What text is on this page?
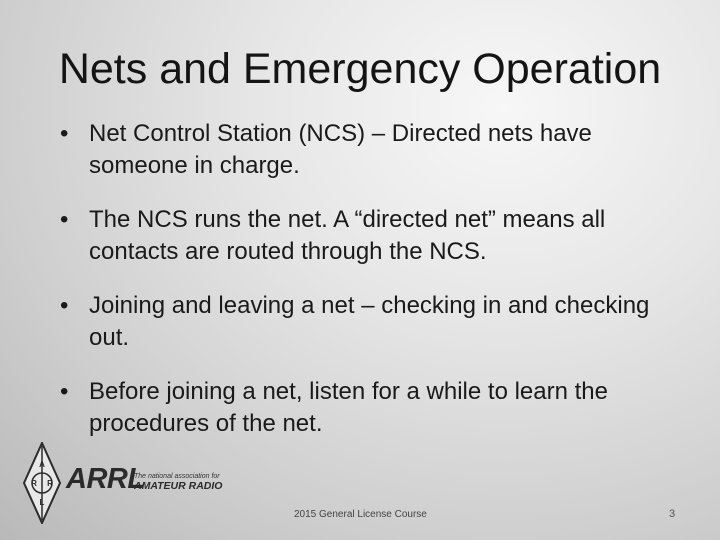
Nets and Emergency Operation
• Net Control Station (NCS) – Directed nets have someone in charge.
• The NCS runs the net. A “directed net” means all contacts are routed through the NCS.
• Joining and leaving a net – checking in and checking out.
• Before joining a net, listen for a while to learn the procedures of the net.
A
R R
L
ARRL
The national association for
AMATEUR RADIO
2015 General License Course	3
